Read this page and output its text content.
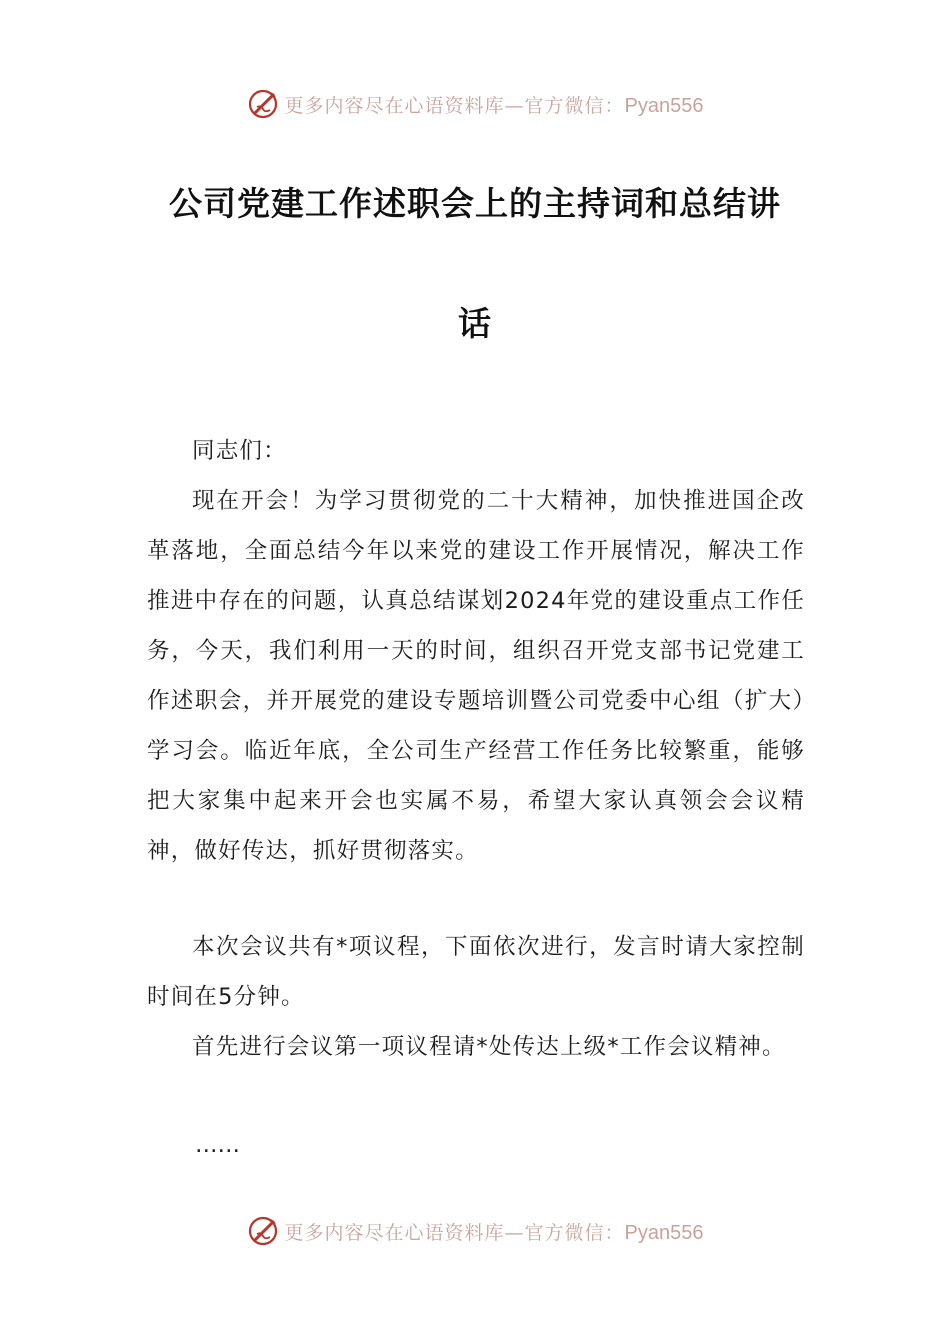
更多内容尽在心语资料库—官方微信：Pyan556
公司党建工作述职会上的主持词和总结讲
话

同志们：

现在开会！为学习贯彻党的二十大精神，加快推进国企改革落地，全面总结今年以来党的建设工作开展情况，解决工作推进中存在的问题，认真总结谋划2024年党的建设重点工作任务，今天，我们利用一天的时间，组织召开党支部书记党建工作述职会，并开展党的建设专题培训暨公司党委中心组（扩大）学习会。临近年底，全公司生产经营工作任务比较繁重，能够把大家集中起来开会也实属不易，希望大家认真领会会议精神，做好传达，抓好贯彻落实。

本次会议共有*项议程，下面依次进行，发言时请大家控制时间在5分钟。

首先进行会议第一项议程请*处传达上级*工作会议精神。

……
更多内容尽在心语资料库—官方微信：Pyan556
